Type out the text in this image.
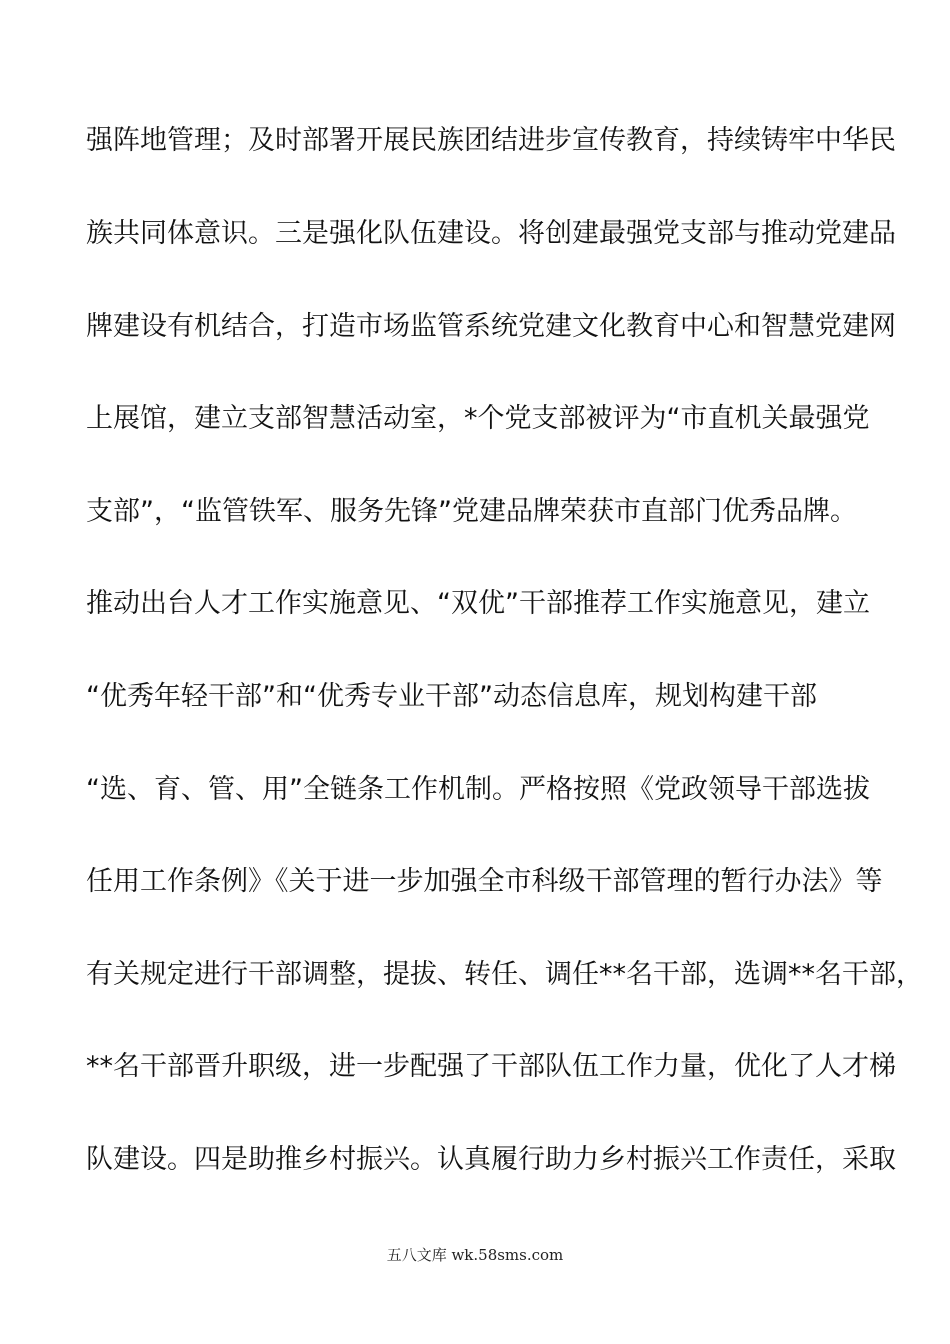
强阵地管理；及时部署开展民族团结进步宣传教育，持续铸牢中华民
族共同体意识。三是强化队伍建设。将创建最强党支部与推动党建品
牌建设有机结合，打造市场监管系统党建文化教育中心和智慧党建网
上展馆，建立支部智慧活动室，*个党支部被评为“市直机关最强党
支部”，“监管铁军、服务先锋”党建品牌荣获市直部门优秀品牌。
推动出台人才工作实施意见、“双优”干部推荐工作实施意见，建立
“优秀年轻干部”和“优秀专业干部”动态信息库，规划构建干部
“选、育、管、用”全链条工作机制。严格按照《党政领导干部选拔
任用工作条例》《关于进一步加强全市科级干部管理的暂行办法》等
有关规定进行干部调整，提拔、转任、调任**名干部，选调**名干部，
**名干部晋升职级，进一步配强了干部队伍工作力量，优化了人才梯
队建设。四是助推乡村振兴。认真履行助力乡村振兴工作责任，采取
五八文库 wk.58sms.com
